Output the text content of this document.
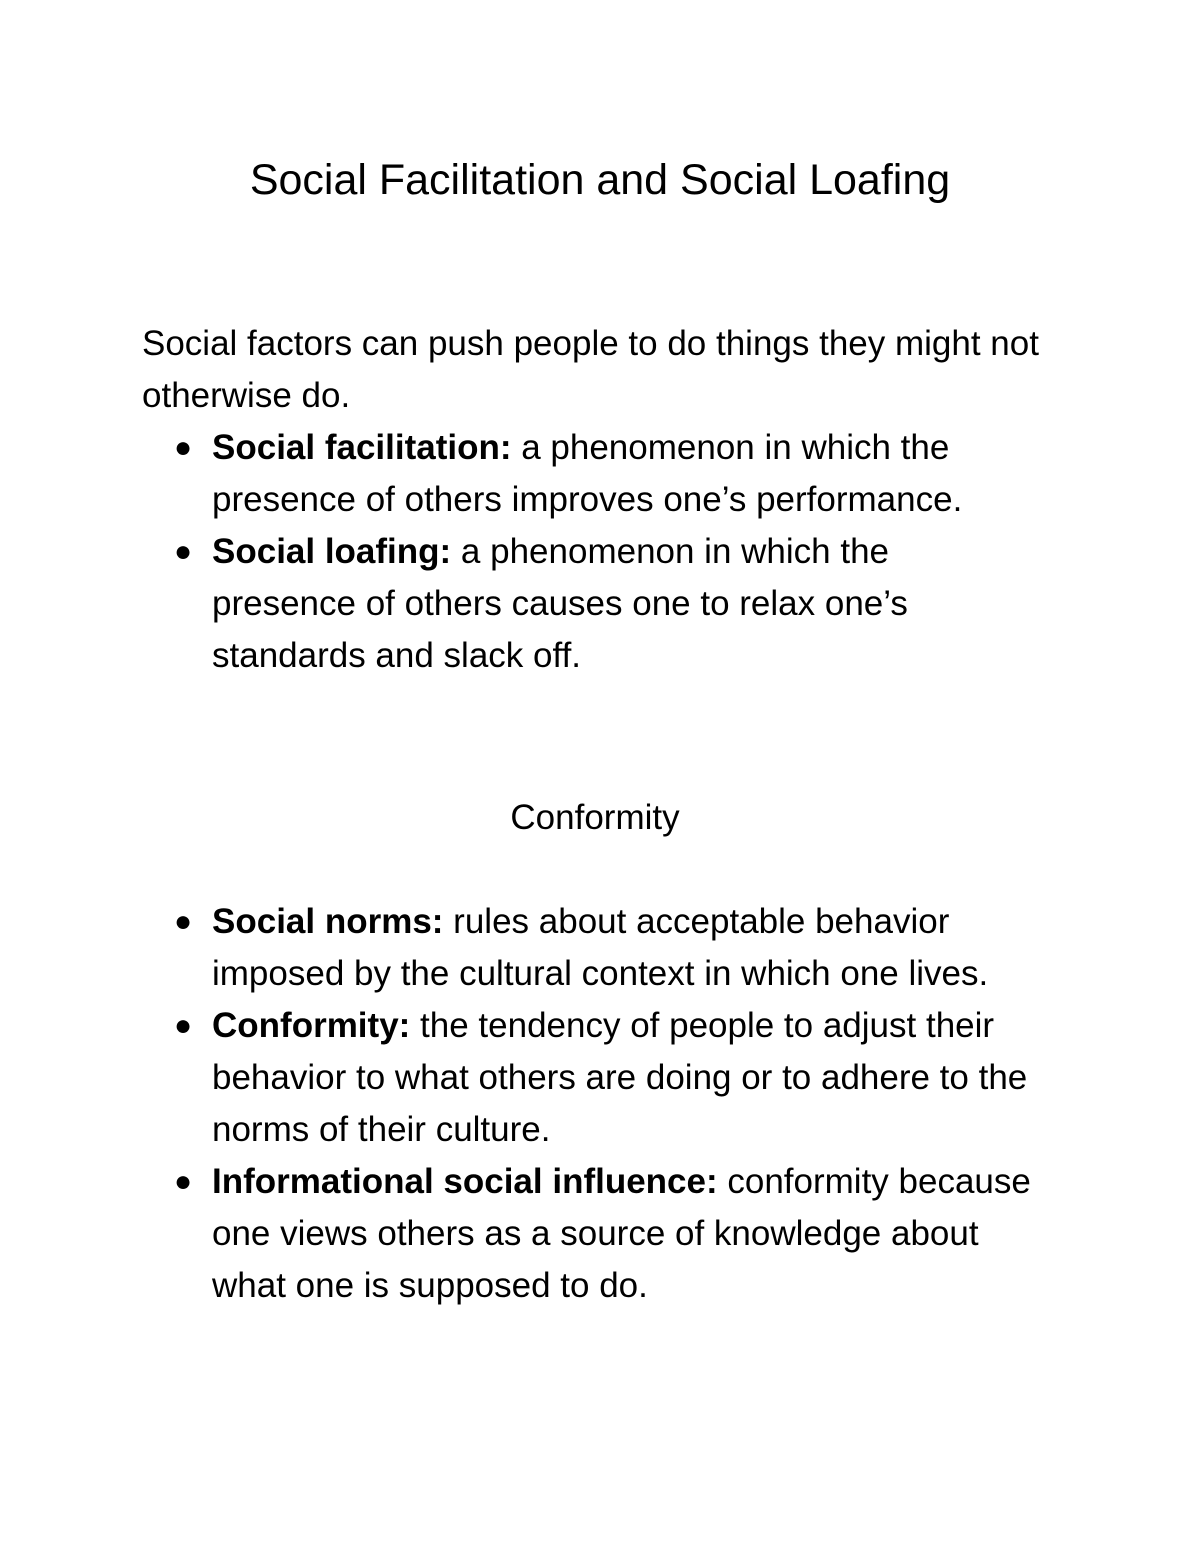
Social Facilitation and Social Loafing

Social factors can push people to do things they might not otherwise do.

● Social facilitation: a phenomenon in which the presence of others improves one’s performance.
● Social loafing: a phenomenon in which the presence of others causes one to relax one’s standards and slack off.
Conformity
● Social norms: rules about acceptable behavior imposed by the cultural context in which one lives.
● Conformity: the tendency of people to adjust their behavior to what others are doing or to adhere to the norms of their culture.
● Informational social influence: conformity because one views others as a source of knowledge about what one is supposed to do.
